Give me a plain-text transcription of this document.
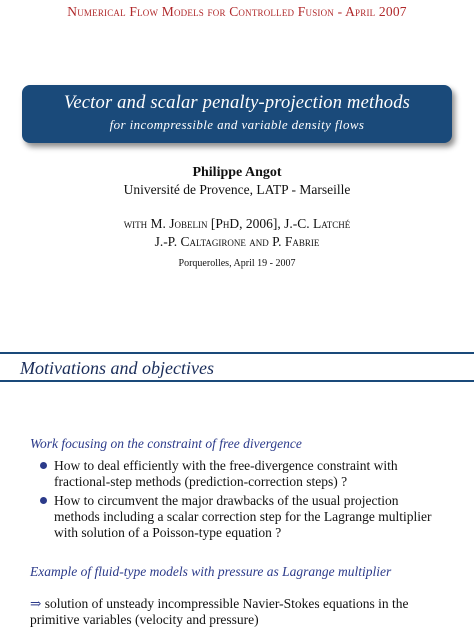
Numerical Flow Models for Controlled Fusion - April 2007
Vector and scalar penalty-projection methods
for incompressible and variable density flows
Philippe Angot
Université de Provence, LATP - Marseille
with M. Jobelin [PhD, 2006], J.-C. Latché
J.-P. Caltagirone and P. Fabrie
Porquerolles, April 19 - 2007
Motivations and objectives
Work focusing on the constraint of free divergence
How to deal efficiently with the free-divergence constraint with fractional-step methods (prediction-correction steps) ?
How to circumvent the major drawbacks of the usual projection methods including a scalar correction step for the Lagrange multiplier with solution of a Poisson-type equation ?
Example of fluid-type models with pressure as Lagrange multiplier
⇒ solution of unsteady incompressible Navier-Stokes equations in the primitive variables (velocity and pressure)
